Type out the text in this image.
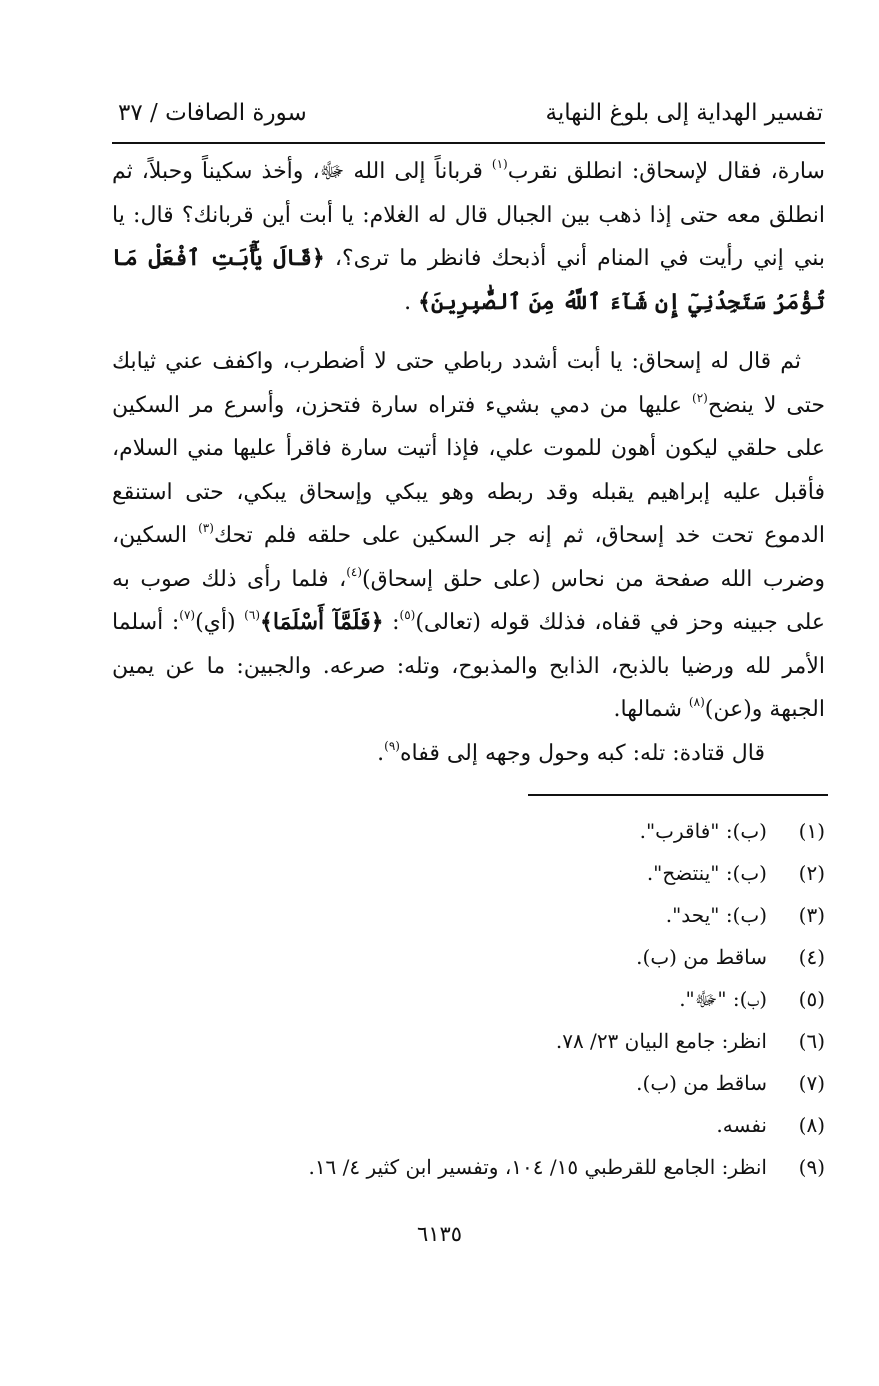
تفسير الهداية إلى بلوغ النهاية
سورة الصافات / ٣٧

سارة، فقال لإسحاق: انطلق نقرب$^{(١)}$ قرباناً إلى الله ﷻ، وأخذ سكيناً وحبلاً، ثم انطلق معه حتى إذا ذهب بين الجبال قال له الغلام: يا أبت أين قربانك؟ قال: يا بني إني رأيت في المنام أني أذبحك فانظر ما ترى؟، ﴿قَالَ يَٰٓأَبَتِ ٱفْعَلْ مَا تُؤْمَرُ سَتَجِدُنِيٓ إِن شَآءَ ٱللَّهُ مِنَ ٱلصَّٰبِرِينَ﴾ .

ثم قال له إسحاق: يا أبت أشدد رباطي حتى لا أضطرب، واكفف عني ثيابك حتى لا ينضح$^{(٢)}$ عليها من دمي بشيء فتراه سارة فتحزن، وأسرع مر السكين على حلقي ليكون أهون للموت علي، فإذا أتيت سارة فاقرأ عليها مني السلام، فأقبل عليه إبراهيم يقبله وقد ربطه وهو يبكي وإسحاق يبكي، حتى استنقع الدموع تحت خد إسحاق، ثم إنه جر السكين على حلقه فلم تحك$^{(٣)}$ السكين، وضرب الله صفحة من نحاس (على حلق إسحاق)$^{(٤)}$، فلما رأى ذلك صوب به على جبينه وحز في قفاه، فذلك قوله (تعالى)$^{(٥)}$: ﴿فَلَمَّآ أَسْلَمَا﴾$^{(٦)}$ (أي)$^{(٧)}$: أسلما الأمر لله ورضيا بالذبح، الذابح والمذبوح، وتله: صرعه. والجبين: ما عن يمين الجبهة و(عن)$^{(٨)}$ شمالها.

قال قتادة: تله: كبه وحول وجهه إلى قفاه$^{(٩)}$.

(١)
(ب): "فاقرب".
(٢)
(ب): "ينتضح".
(٣)
(ب): "يحد".
(٤)
ساقط من (ب).
(٥)
(ب): "ﷻ".
(٦)
انظر: جامع البيان ٢٣/ ٧٨.
(٧)
ساقط من (ب).
(٨)
نفسه.
(٩)
انظر: الجامع للقرطبي ١٥/ ١٠٤، وتفسير ابن كثير ٤/ ١٦.
٦١٣٥
